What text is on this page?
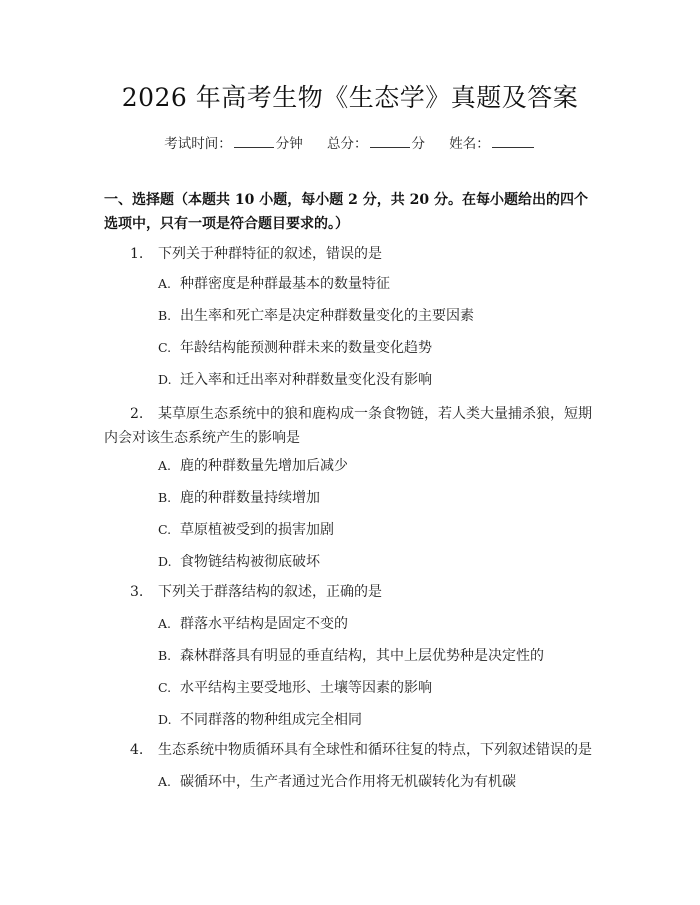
2026 年高考生物《生态学》真题及答案
考试时间：	分钟 总分：	分 姓名：
一、选择题（本题共 10 小题，每小题 2 分，共 20 分。在每小题给出的四个选项中，只有一项是符合题目要求的。）
1. 下列关于种群特征的叙述，错误的是
A. 种群密度是种群最基本的数量特征
B. 出生率和死亡率是决定种群数量变化的主要因素
C. 年龄结构能预测种群未来的数量变化趋势
D. 迁入率和迁出率对种群数量变化没有影响
2. 某草原生态系统中的狼和鹿构成一条食物链，若人类大量捕杀狼，短期内会对该生态系统产生的影响是
A. 鹿的种群数量先增加后减少
B. 鹿的种群数量持续增加
C. 草原植被受到的损害加剧
D. 食物链结构被彻底破坏
3. 下列关于群落结构的叙述，正确的是
A. 群落水平结构是固定不变的
B. 森林群落具有明显的垂直结构，其中上层优势种是决定性的
C. 水平结构主要受地形、土壤等因素的影响
D. 不同群落的物种组成完全相同
4. 生态系统中物质循环具有全球性和循环往复的特点，下列叙述错误的是
A. 碳循环中，生产者通过光合作用将无机碳转化为有机碳
